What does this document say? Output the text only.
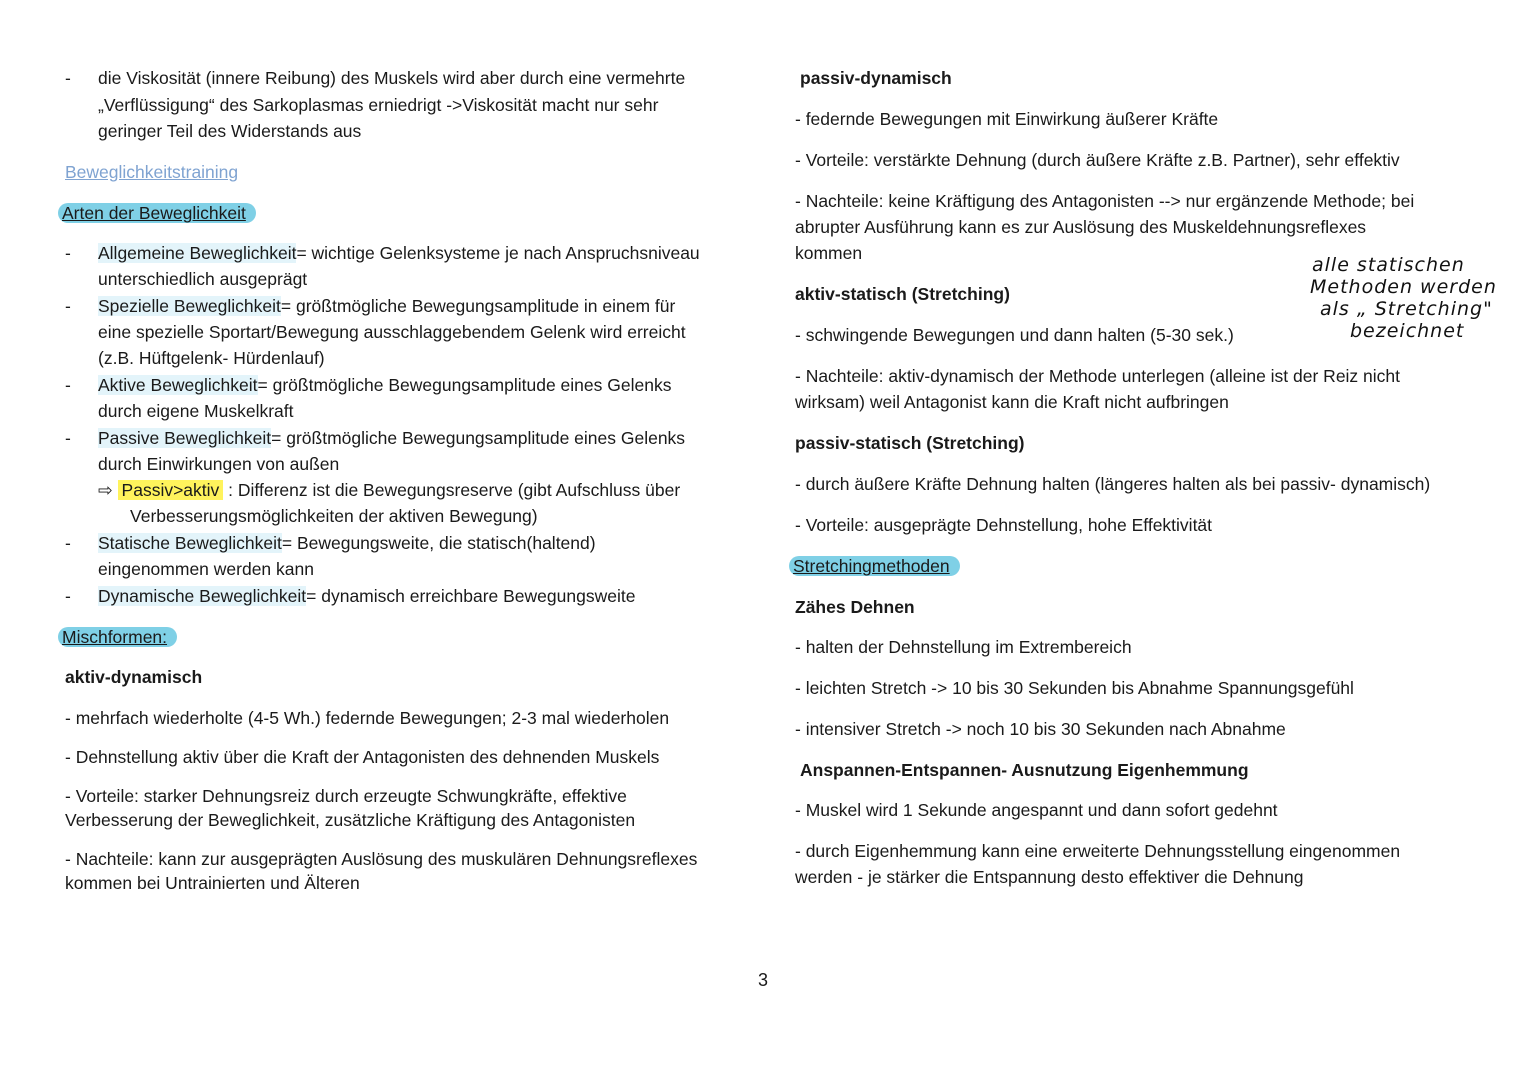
- die Viskosität (innere Reibung) des Muskels wird aber durch eine vermehrte
„Verflüssigung“ des Sarkoplasmas erniedrigt ->Viskosität macht nur sehr
geringer Teil des Widerstands aus
Beweglichkeitstraining
Arten der Beweglichkeit
- Allgemeine Beweglichkeit= wichtige Gelenksysteme je nach Anspruchsniveau
unterschiedlich ausgeprägt
- Spezielle Beweglichkeit= größtmögliche Bewegungsamplitude in einem für
eine spezielle Sportart/Bewegung ausschlaggebendem Gelenk wird erreicht
(z.B. Hüftgelenk- Hürdenlauf)
- Aktive Beweglichkeit= größtmögliche Bewegungsamplitude eines Gelenks
durch eigene Muskelkraft
- Passive Beweglichkeit= größtmögliche Bewegungsamplitude eines Gelenks
durch Einwirkungen von außen
⇨ Passiv>aktiv : Differenz ist die Bewegungsreserve (gibt Aufschluss über
Verbesserungsmöglichkeiten der aktiven Bewegung)
- Statische Beweglichkeit= Bewegungsweite, die statisch(haltend)
eingenommen werden kann
- Dynamische Beweglichkeit= dynamisch erreichbare Bewegungsweite
Mischformen:
aktiv-dynamisch
- mehrfach wiederholte (4-5 Wh.) federnde Bewegungen; 2-3 mal wiederholen
- Dehnstellung aktiv über die Kraft der Antagonisten des dehnenden Muskels
- Vorteile: starker Dehnungsreiz durch erzeugte Schwungkräfte, effektive
Verbesserung der Beweglichkeit, zusätzliche Kräftigung des Antagonisten
- Nachteile: kann zur ausgeprägten Auslösung des muskulären Dehnungsreflexes
kommen bei Untrainierten und Älteren
passiv-dynamisch
- federnde Bewegungen mit Einwirkung äußerer Kräfte
- Vorteile: verstärkte Dehnung (durch äußere Kräfte z.B. Partner), sehr effektiv
- Nachteile: keine Kräftigung des Antagonisten --> nur ergänzende Methode; bei
abrupter Ausführung kann es zur Auslösung des Muskeldehnungsreflexes
kommen
aktiv-statisch (Stretching)
- schwingende Bewegungen und dann halten (5-30 sek.)
- Nachteile: aktiv-dynamisch der Methode unterlegen (alleine ist der Reiz nicht
wirksam) weil Antagonist kann die Kraft nicht aufbringen
passiv-statisch (Stretching)
- durch äußere Kräfte Dehnung halten (längeres halten als bei passiv- dynamisch)
- Vorteile: ausgeprägte Dehnstellung, hohe Effektivität
Stretchingmethoden
Zähes Dehnen
- halten der Dehnstellung im Extrembereich
- leichten Stretch -> 10 bis 30 Sekunden bis Abnahme Spannungsgefühl
- intensiver Stretch -> noch 10 bis 30 Sekunden nach Abnahme
Anspannen-Entspannen- Ausnutzung Eigenhemmung
- Muskel wird 1 Sekunde angespannt und dann sofort gedehnt
- durch Eigenhemmung kann eine erweiterte Dehnungsstellung eingenommen
werden - je stärker die Entspannung desto effektiver die Dehnung
alle statischen
Methoden werden
als „ Stretching"
bezeichnet
3
